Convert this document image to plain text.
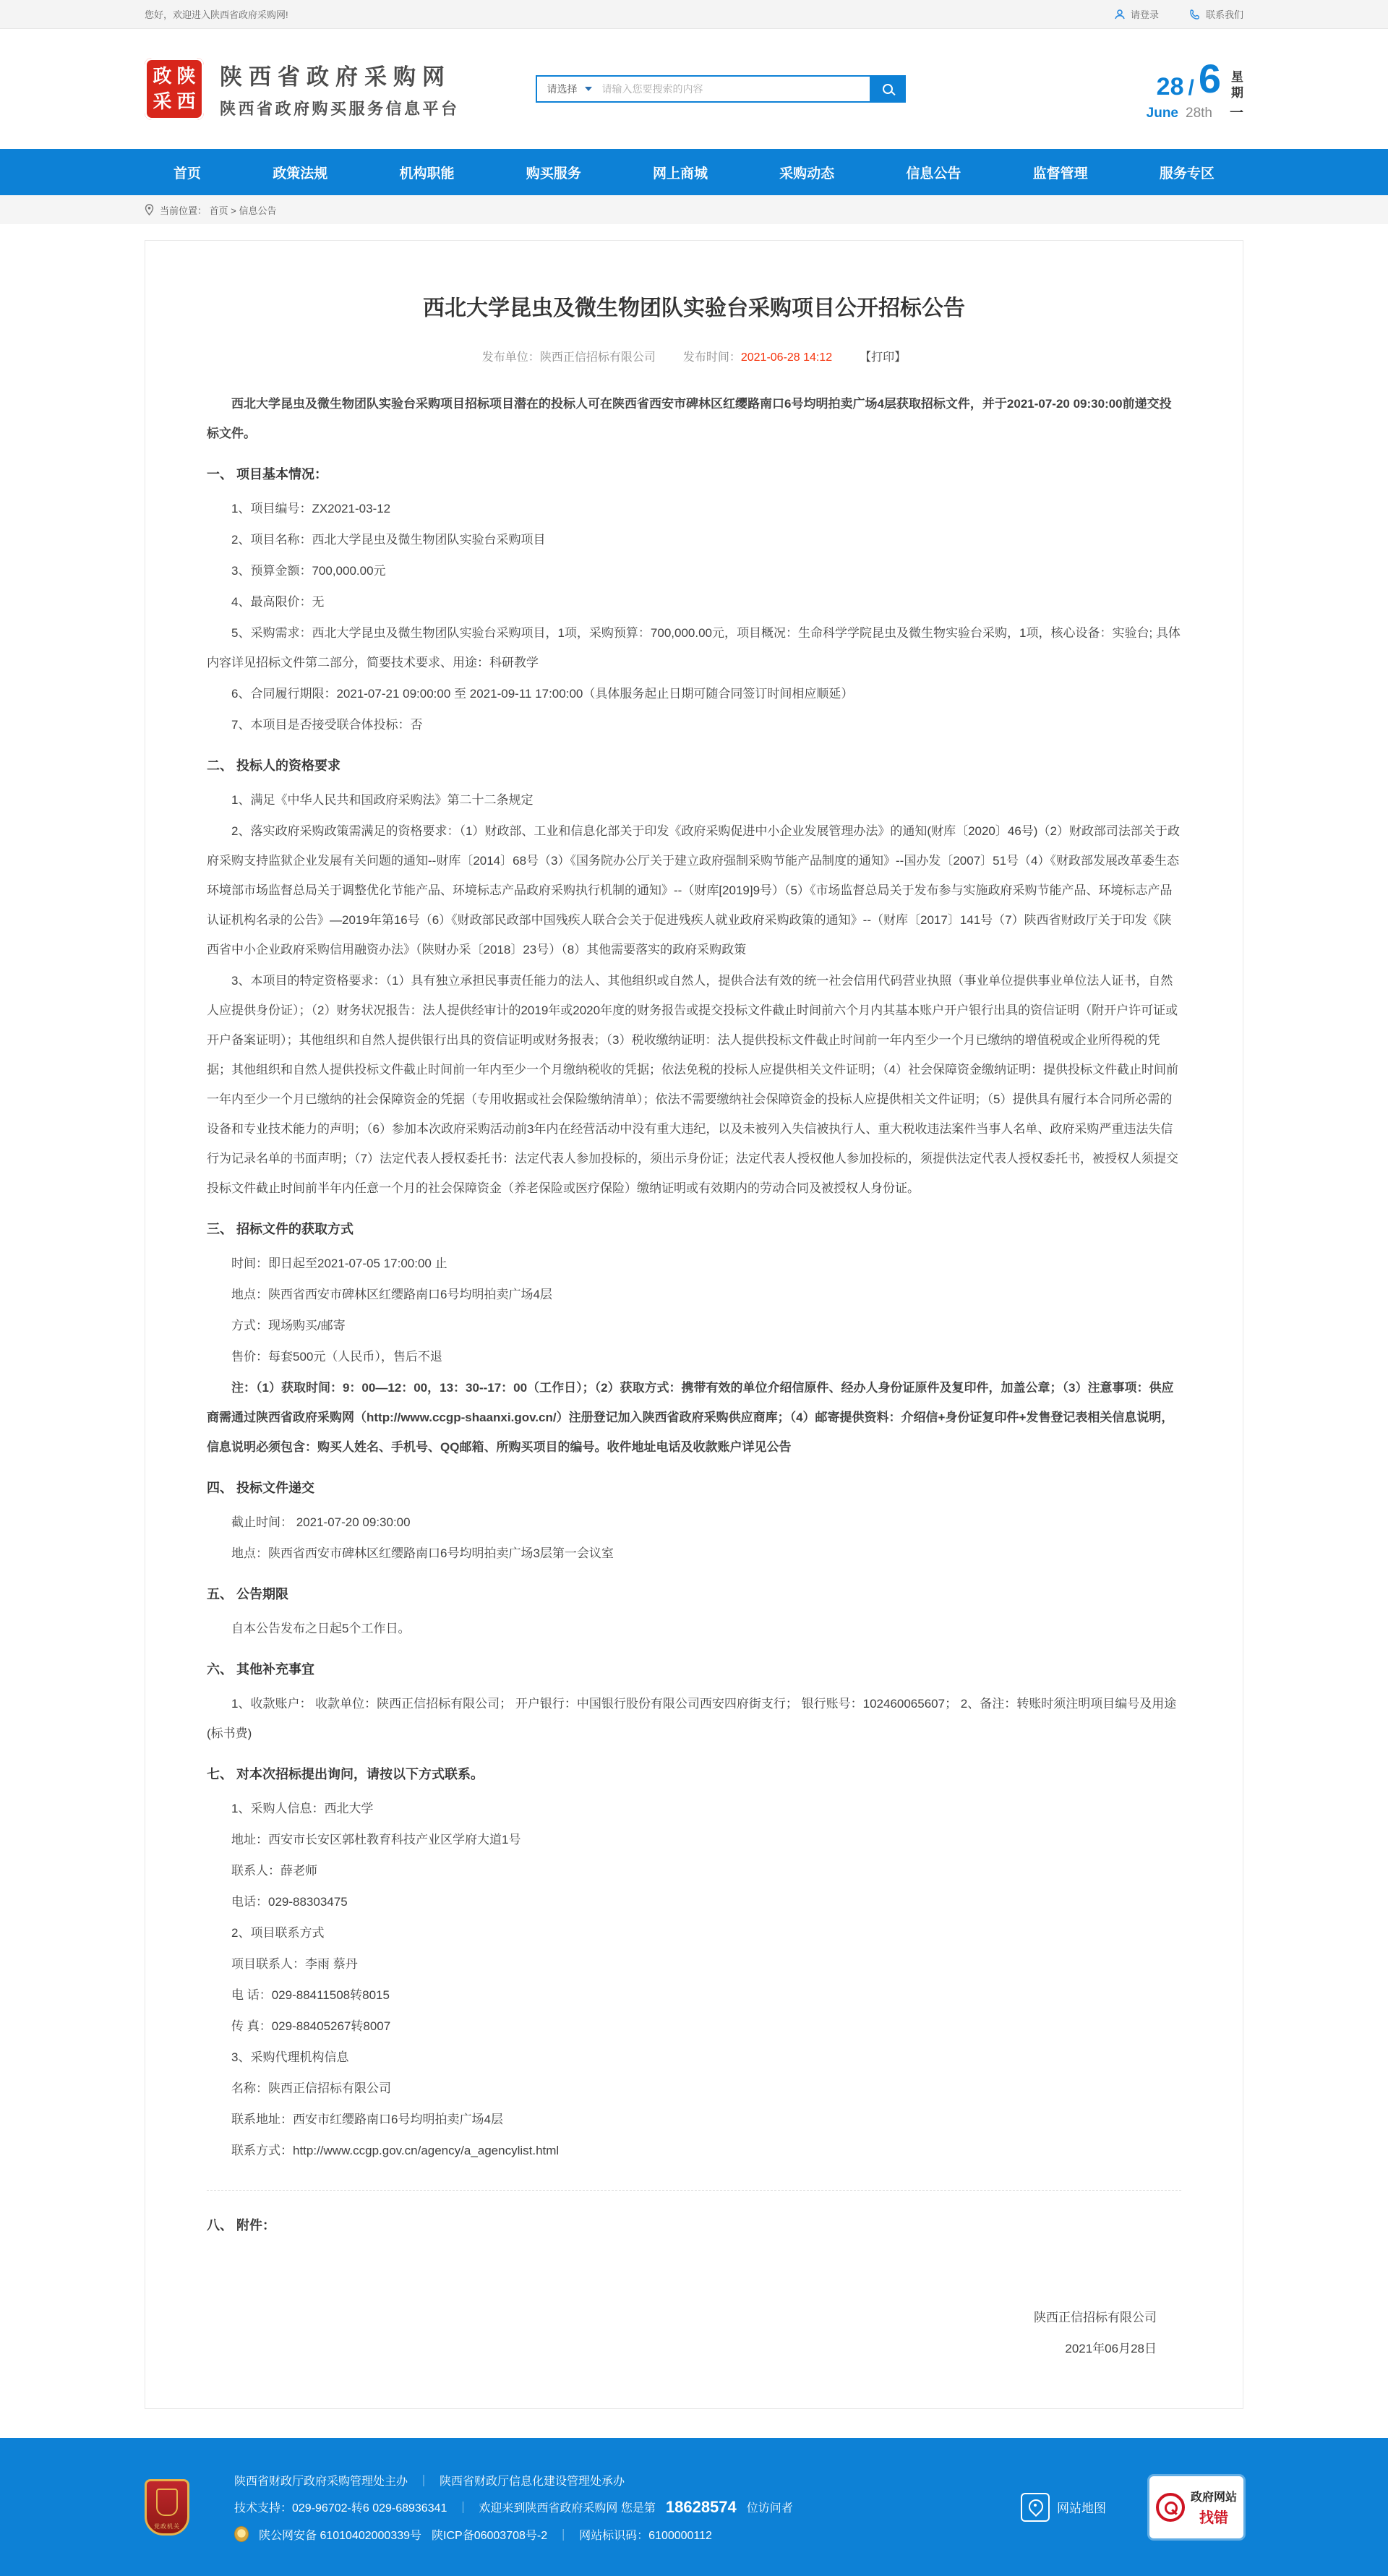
您好，欢迎进入陕西省政府采购网!	请登录	联系我们
政 陕
采 西
陕西省政府采购网
陕西省政府购买服务信息平台
请选择
请输入您要搜索的内容	28 / 6 星
期
June 28th 一
首页	政策法规	机构职能	购买服务	网上商城	采购动态	信息公告	监督管理	服务专区
当前位置： 首页 > 信息公告
西北大学昆虫及微生物团队实验台采购项目公开招标公告
发布单位：陕西正信招标有限公司 发布时间：2021-06-28 14:12 【打印】

西北大学昆虫及微生物团队实验台采购项目招标项目潜在的投标人可在陕西省西安市碑林区红缨路南口6号均明拍卖广场4层获取招标文件，并于2021-07-20 09:30:00前递交投标文件。

一、 项目基本情况：

1、项目编号：ZX2021-03-12

2、项目名称：西北大学昆虫及微生物团队实验台采购项目

3、预算金额：700,000.00元

4、最高限价：无

5、采购需求：西北大学昆虫及微生物团队实验台采购项目，1项，采购预算：700,000.00元，项目概况：生命科学学院昆虫及微生物实验台采购，1项，核心设备：实验台; 具体内容详见招标文件第二部分，简要技术要求、用途：科研教学

6、合同履行期限：2021-07-21 09:00:00 至 2021-09-11 17:00:00（具体服务起止日期可随合同签订时间相应顺延）

7、本项目是否接受联合体投标：否

二、 投标人的资格要求

1、满足《中华人民共和国政府采购法》第二十二条规定

2、落实政府采购政策需满足的资格要求：（1）财政部、工业和信息化部关于印发《政府采购促进中小企业发展管理办法》的通知(财库〔2020〕46号)（2）财政部司法部关于政府采购支持监狱企业发展有关问题的通知--财库〔2014〕68号（3）《国务院办公厅关于建立政府强制采购节能产品制度的通知》--国办发〔2007〕51号（4）《财政部发展改革委生态环境部市场监督总局关于调整优化节能产品、环境标志产品政府采购执行机制的通知》--（财库[2019]9号）（5）《市场监督总局关于发布参与实施政府采购节能产品、环境标志产品认证机构名录的公告》—2019年第16号（6）《财政部民政部中国残疾人联合会关于促进残疾人就业政府采购政策的通知》--（财库〔2017〕141号（7）陕西省财政厅关于印发《陕西省中小企业政府采购信用融资办法》（陕财办采〔2018〕23号）（8）其他需要落实的政府采购政策

3、本项目的特定资格要求：（1）具有独立承担民事责任能力的法人、其他组织或自然人，提供合法有效的统一社会信用代码营业执照（事业单位提供事业单位法人证书，自然人应提供身份证）；（2）财务状况报告：法人提供经审计的2019年或2020年度的财务报告或提交投标文件截止时间前六个月内其基本账户开户银行出具的资信证明（附开户许可证或开户备案证明）；其他组织和自然人提供银行出具的资信证明或财务报表；（3）税收缴纳证明：法人提供投标文件截止时间前一年内至少一个月已缴纳的增值税或企业所得税的凭据；其他组织和自然人提供投标文件截止时间前一年内至少一个月缴纳税收的凭据；依法免税的投标人应提供相关文件证明；（4）社会保障资金缴纳证明：提供投标文件截止时间前一年内至少一个月已缴纳的社会保障资金的凭据（专用收据或社会保险缴纳清单）；依法不需要缴纳社会保障资金的投标人应提供相关文件证明；（5）提供具有履行本合同所必需的设备和专业技术能力的声明；（6）参加本次政府采购活动前3年内在经营活动中没有重大违纪，以及未被列入失信被执行人、重大税收违法案件当事人名单、政府采购严重违法失信行为记录名单的书面声明；（7）法定代表人授权委托书：法定代表人参加投标的，须出示身份证；法定代表人授权他人参加投标的，须提供法定代表人授权委托书，被授权人须提交投标文件截止时间前半年内任意一个月的社会保障资金（养老保险或医疗保险）缴纳证明或有效期内的劳动合同及被授权人身份证。

三、 招标文件的获取方式

时间：即日起至2021-07-05 17:00:00 止

地点：陕西省西安市碑林区红缨路南口6号均明拍卖广场4层

方式：现场购买/邮寄

售价：每套500元（人民币），售后不退

注：（1）获取时间：9：00—12：00，13：30--17：00（工作日）；（2）获取方式：携带有效的单位介绍信原件、经办人身份证原件及复印件，加盖公章；（3）注意事项：供应商需通过陕西省政府采购网（http://www.ccgp-shaanxi.gov.cn/）注册登记加入陕西省政府采购供应商库；（4）邮寄提供资料：介绍信+身份证复印件+发售登记表相关信息说明，信息说明必须包含：购买人姓名、手机号、QQ邮箱、所购买项目的编号。收件地址电话及收款账户详见公告

四、 投标文件递交

截止时间： 2021-07-20 09:30:00

地点：陕西省西安市碑林区红缨路南口6号均明拍卖广场3层第一会议室

五、 公告期限

自本公告发布之日起5个工作日。

六、 其他补充事宜

1、收款账户： 收款单位：陕西正信招标有限公司； 开户银行：中国银行股份有限公司西安四府街支行； 银行账号：102460065607； 2、备注：转账时须注明项目编号及用途(标书费)

七、 对本次招标提出询问，请按以下方式联系。

1、采购人信息：西北大学

地址：西安市长安区郭杜教育科技产业区学府大道1号

联系人：薛老师

电话：029-88303475

2、项目联系方式

项目联系人：李雨 蔡丹

电 话：029-88411508转8015

传 真：029-88405267转8007

3、采购代理机构信息

名称：陕西正信招标有限公司

联系地址：西安市红缨路南口6号均明拍卖广场4层

联系方式：http://www.ccgp.gov.cn/agency/a_agencylist.html

八、 附件：

陕西正信招标有限公司

2021年06月28日

党政机关
陕西省财政厅政府采购管理处主办 ｜ 陕西省财政厅信息化建设管理处承办
技术支持：029-96702-转6 029-68936341 ｜ 欢迎来到陕西省政府采购网 您是第 18628574 位访问者
陕公网安备 61010402000339号 陕ICP备06003708号-2 ｜ 网站标识码：6100000112
网站地图
政府网站
找错
